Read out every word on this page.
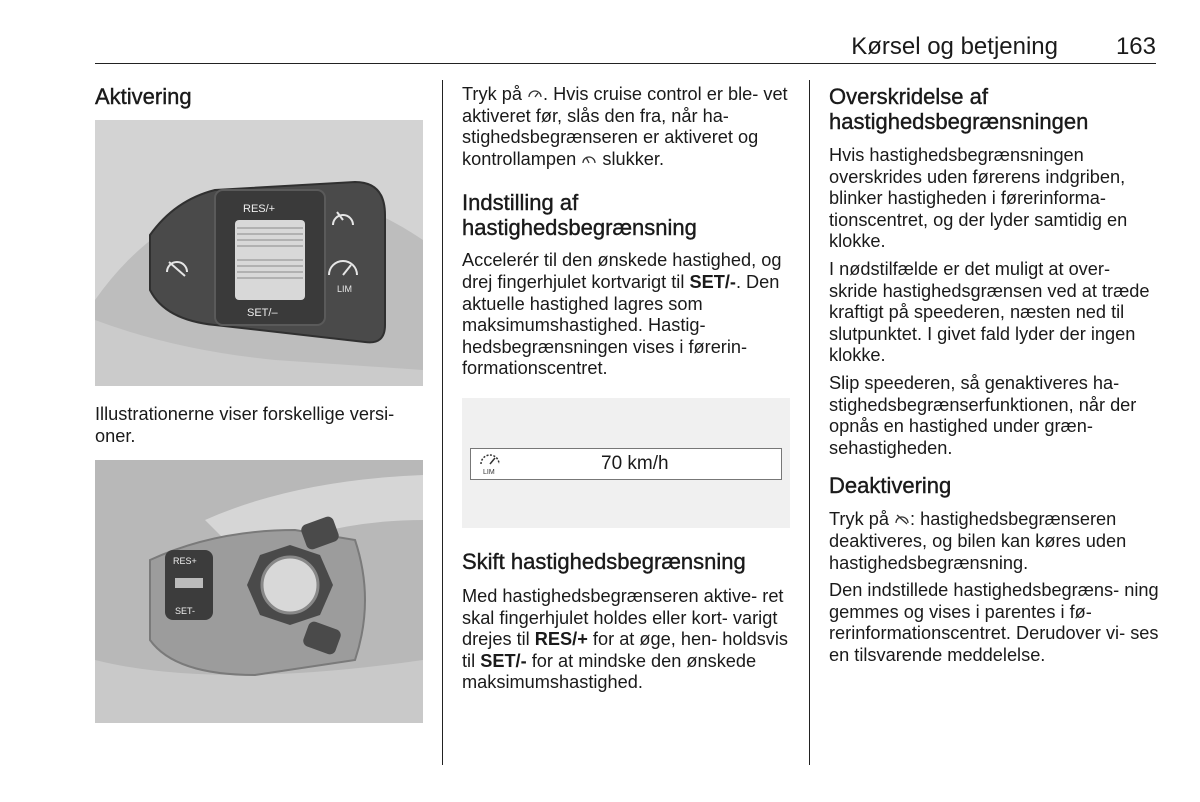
Kørsel og betjening 163
Aktivering
RES/+
SET/–
LIM

Illustrationerne viser forskellige versi- oner.

RES+
SET-

Tryk på . Hvis cruise control er ble- vet aktiveret før, slås den fra, når ha- stighedsbegrænseren er aktiveret og kontrollampen  slukker.

Indstilling af hastighedsbegrænsning

Accelerér til den ønskede hastighed, og drej fingerhjulet kortvarigt til SET/-. Den aktuelle hastighed lagres som maksimumshastighed. Hastig- hedsbegrænsningen vises i førerin- formationscentret.

LIM	70 km/h
Skift hastighedsbegrænsning

Med hastighedsbegrænseren aktive- ret skal fingerhjulet holdes eller kort- varigt drejes til RES/+ for at øge, hen- holdsvis til SET/- for at mindske den ønskede maksimumshastighed.

Overskridelse af hastighedsbegrænsningen

Hvis hastighedsbegrænsningen overskrides uden førerens indgriben, blinker hastigheden i førerinforma- tionscentret, og der lyder samtidig en klokke.

I nødstilfælde er det muligt at over- skride hastighedsgrænsen ved at træde kraftigt på speederen, næsten ned til slutpunktet. I givet fald lyder der ingen klokke.

Slip speederen, så genaktiveres ha- stighedsbegrænserfunktionen, når der opnås en hastighed under græn- sehastigheden.

Deaktivering

Tryk på : hastighedsbegrænseren deaktiveres, og bilen kan køres uden hastighedsbegrænsning.

Den indstillede hastighedsbegræns- ning gemmes og vises i parentes i fø- rerinformationscentret. Derudover vi- ses en tilsvarende meddelelse.
